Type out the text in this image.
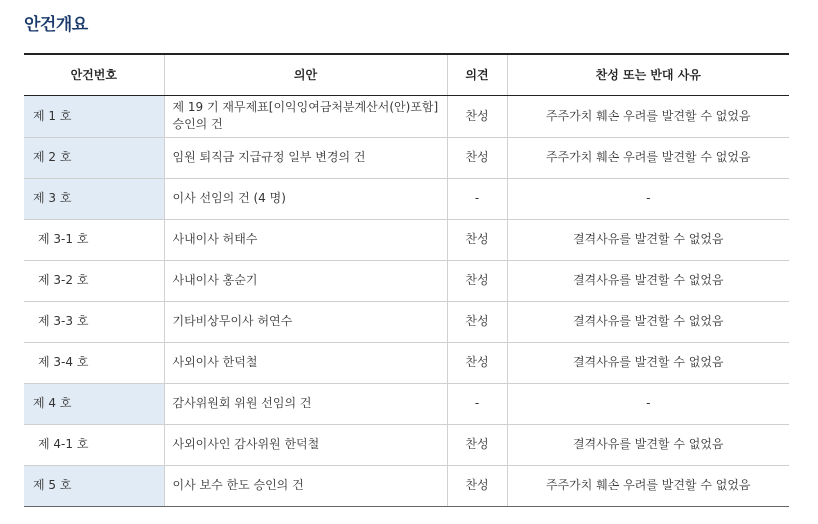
안건개요
안건번호	의안	의견	찬성 또는 반대 사유
제 1 호	제 19 기 재무제표[이익잉여금처분계산서(안)포함] 승인의 건	찬성	주주가치 훼손 우려를 발견할 수 없었음
제 2 호	임원 퇴직금 지급규정 일부 변경의 건	찬성	주주가치 훼손 우려를 발견할 수 없었음
제 3 호	이사 선임의 건 (4 명)	-	-
제 3-1 호	사내이사 허태수	찬성	결격사유를 발견할 수 없었음
제 3-2 호	사내이사 홍순기	찬성	결격사유를 발견할 수 없었음
제 3-3 호	기타비상무이사 허연수	찬성	결격사유를 발견할 수 없었음
제 3-4 호	사외이사 한덕철	찬성	결격사유를 발견할 수 없었음
제 4 호	감사위원회 위원 선임의 건	-	-
제 4-1 호	사외이사인 감사위원 한덕철	찬성	결격사유를 발견할 수 없었음
제 5 호	이사 보수 한도 승인의 건	찬성	주주가치 훼손 우려를 발견할 수 없었음
